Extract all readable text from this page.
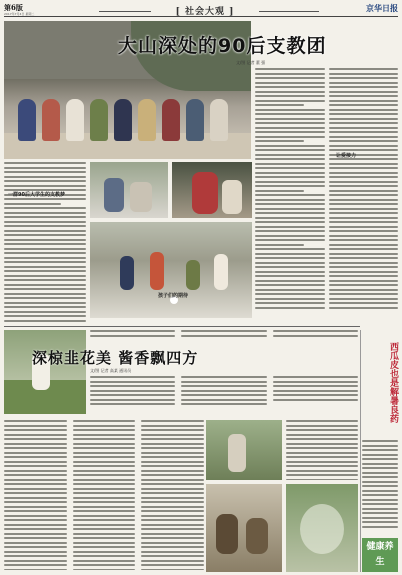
第6版
2017年7月4日 星期二	[ 社会大观 ]	京华日报
大山深处的90后支教团
文/图 记者 董 强
让爱接力
一群90后大学生的支教梦
孩子们的期待
深椋韭花美 酱香飘四方
文/图 记者 高某 通讯员	西瓜皮也是解暑良药
健康养生
